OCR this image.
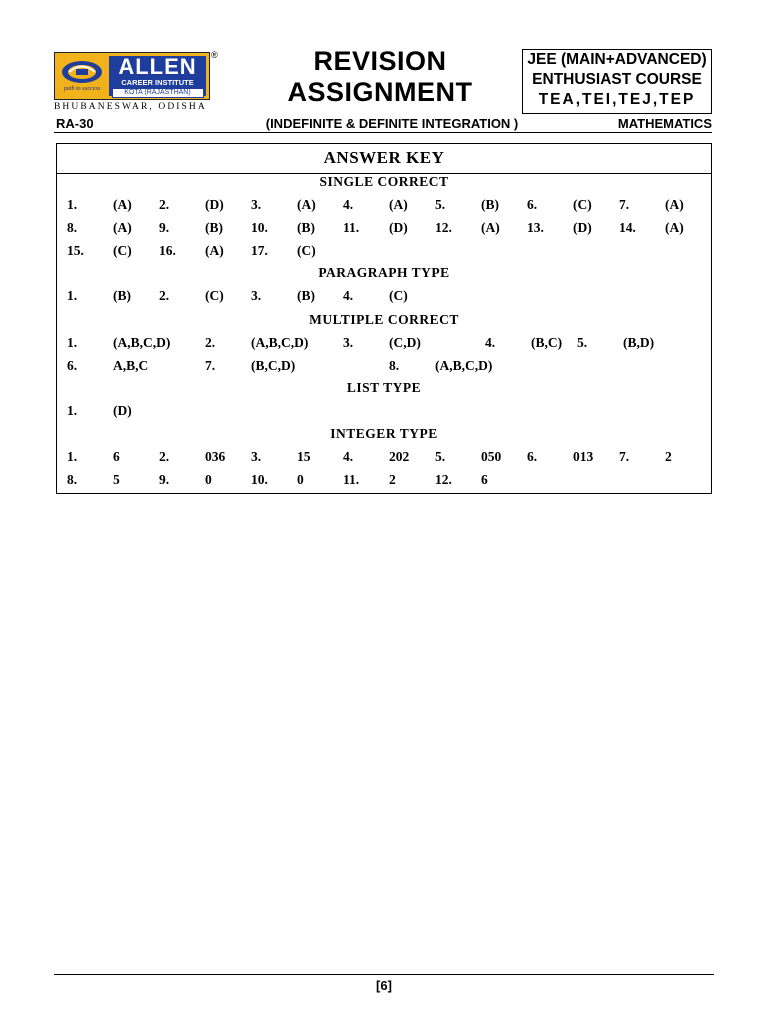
path to success
ALLEN
CAREER INSTITUTE
KOTA (RAJASTHAN)
®
BHUBANESWAR, ODISHA
REVISION
ASSIGNMENT
JEE (MAIN+ADVANCED)
ENTHUSIAST COURSE
TEA,TEI,TEJ,TEP
RA-30	(INDEFINITE & DEFINITE INTEGRATION )	MATHEMATICS
ANSWER KEY
SINGLE CORRECT
PARAGRAPH TYPE
MULTIPLE CORRECT
LIST TYPE
INTEGER TYPE
1.	(A) 2.	(D) 3.	(A) 4.	(A) 5.	(B) 6.	(C) 7.	(A)
8.	(A) 9.	(B) 10. (B) 11. (D) 12. (A) 13. (D) 14. (A)
15. (C) 16. (A) 17. (C)
1.	(B) 2.	(C) 3.	(B) 4.	(C)
1.	(A,B,C,D)	2.	(A,B,C,D)	3.	(C,D)	4.	(B,C) 5.	(B,D)
6.	A,B,C	7.	(B,C,D)	8.	(A,B,C,D)
1.	(D)
1.	6	2.	036 3.	15 4.	202 5.	050 6.	013 7.	2
8.	5	9.	0	10. 0	11. 2	12. 6
[6]
